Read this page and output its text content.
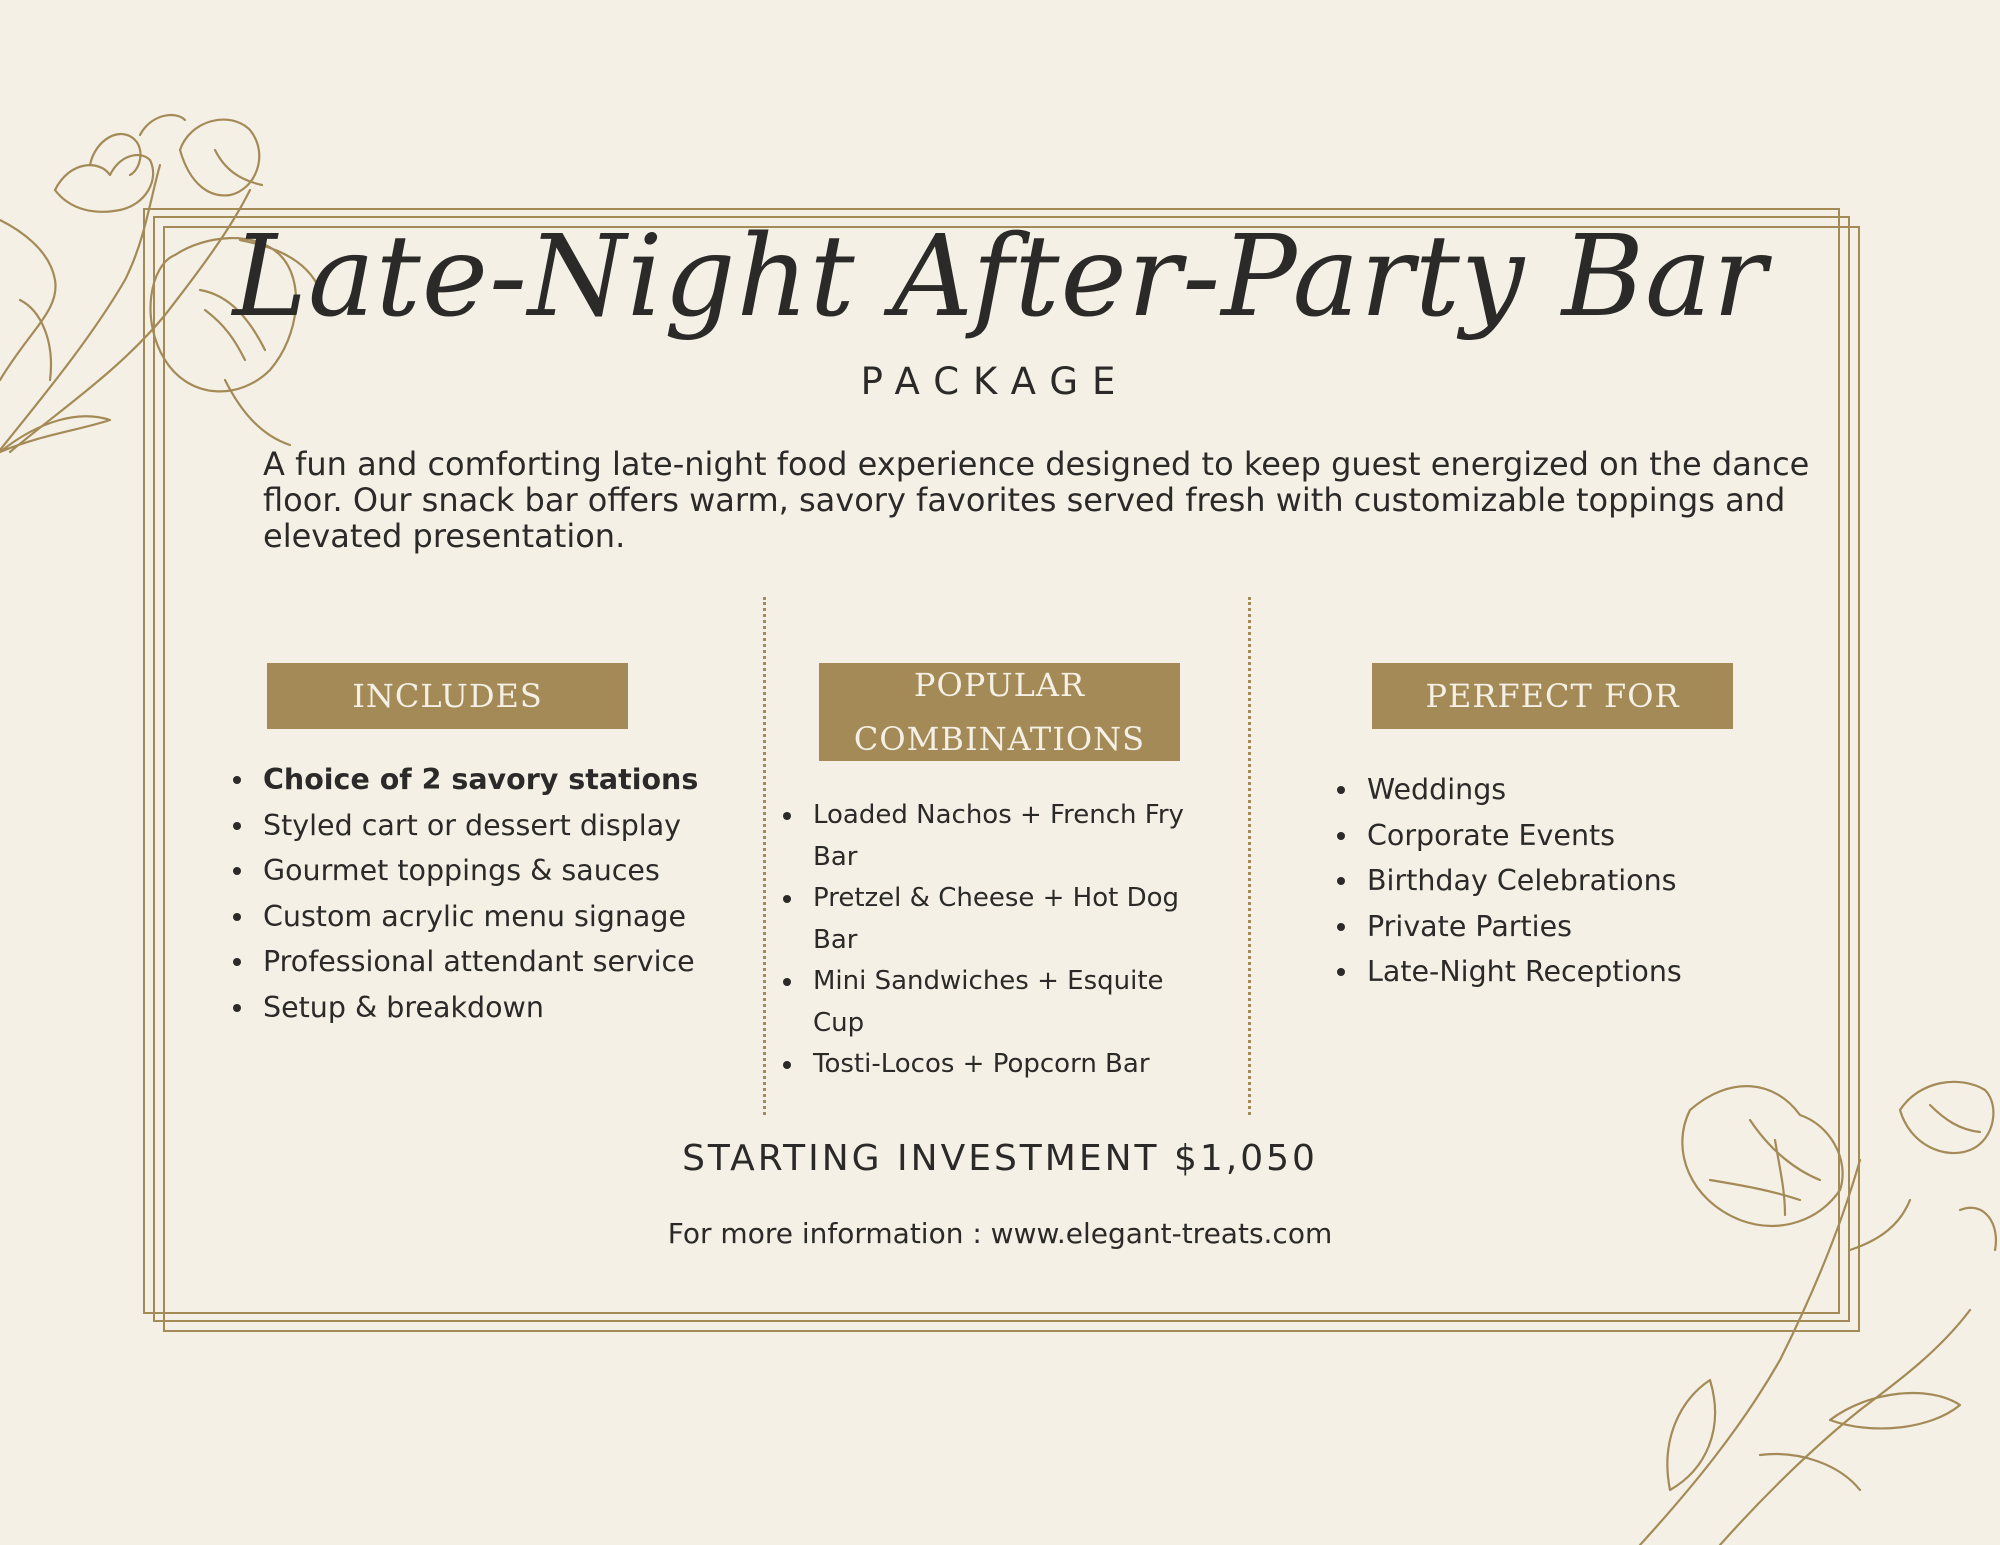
Late-Night After-Party Bar
PACKAGE
A fun and comforting late-night food experience designed to keep guest energized on the dance floor. Our snack bar offers warm, savory favorites served fresh with customizable toppings and elevated presentation.
INCLUDES	POPULAR
COMBINATIONS
PERFECT FOR
Choice of 2 savory stations
Styled cart or dessert display
Gourmet toppings & sauces
Custom acrylic menu signage
Professional attendant service
Setup & breakdown
Loaded Nachos + French Fry Bar
Pretzel & Cheese + Hot Dog Bar
Mini Sandwiches + Esquite Cup
Tosti-Locos + Popcorn Bar
Weddings
Corporate Events
Birthday Celebrations
Private Parties
Late-Night Receptions
STARTING INVESTMENT $1,050
For more information : www.elegant-treats.com
